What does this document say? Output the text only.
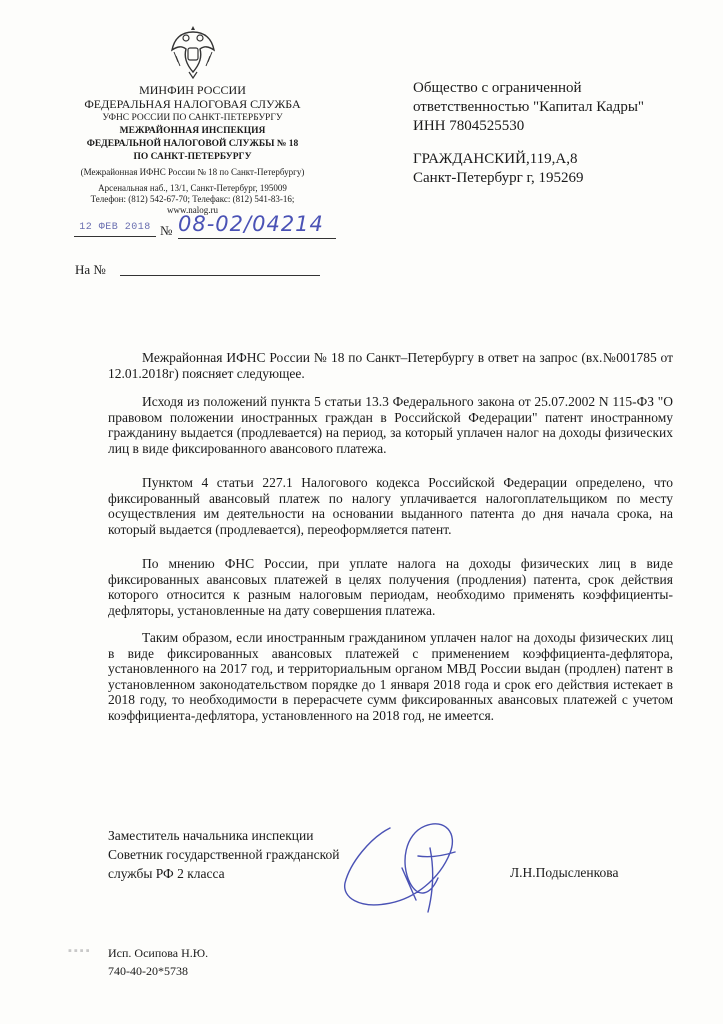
МИНФИН РОССИИ
ФЕДЕРАЛЬНАЯ НАЛОГОВАЯ СЛУЖБА
УФНС РОССИИ ПО САНКТ-ПЕТЕРБУРГУ
МЕЖРАЙОННАЯ ИНСПЕКЦИЯ
ФЕДЕРАЛЬНОЙ НАЛОГОВОЙ СЛУЖБЫ № 18
ПО САНКТ-ПЕТЕРБУРГУ
(Межрайонная ИФНС России № 18 по Санкт-Петербургу)
Арсенальная наб., 13/1, Санкт-Петербург, 195009
Телефон: (812) 542-67-70; Телефакс: (812) 541-83-16;
www.nalog.ru
12 ФЕВ 2018 № 08-02/04214
На №
Общество с ограниченной
ответственностью "Капитал Кадры"
ИНН 7804525530
ГРАЖДАНСКИЙ,119,А,8
Санкт-Петербург г, 195269

Межрайонная ИФНС России № 18 по Санкт–Петербургу в ответ на запрос (вх.№001785 от 12.01.2018г) поясняет следующее.

Исходя из положений пункта 5 статьи 13.3 Федерального закона от 25.07.2002 N 115-ФЗ "О правовом положении иностранных граждан в Российской Федерации" патент иностранному гражданину выдается (продлевается) на период, за который уплачен налог на доходы физических лиц в виде фиксированного авансового платежа.

Пунктом 4 статьи 227.1 Налогового кодекса Российской Федерации определено, что фиксированный авансовый платеж по налогу уплачивается налогоплательщиком по месту осуществления им деятельности на основании выданного патента до дня начала срока, на который выдается (продлевается), переоформляется патент.

По мнению ФНС России, при уплате налога на доходы физических лиц в виде фиксированных авансовых платежей в целях получения (продления) патента, срок действия которого относится к разным налоговым периодам, необходимо применять коэффициенты-дефляторы, установленные на дату совершения платежа.

Таким образом, если иностранным гражданином уплачен налог на доходы физических лиц в виде фиксированных авансовых платежей с применением коэффициента-дефлятора, установленного на 2017 год, и территориальным органом МВД России выдан (продлен) патент в установленном законодательством порядке до 1 января 2018 года и срок его действия истекает в 2018 году, то необходимости в перерасчете сумм фиксированных авансовых платежей с учетом коэффициента-дефлятора, установленного на 2018 год, не имеется.

Заместитель начальника инспекции
Советник государственной гражданской
службы РФ 2 класса	Л.Н.Подысленкова
▪▪▪▪ Исп. Осипова Н.Ю.
740-40-20*5738
